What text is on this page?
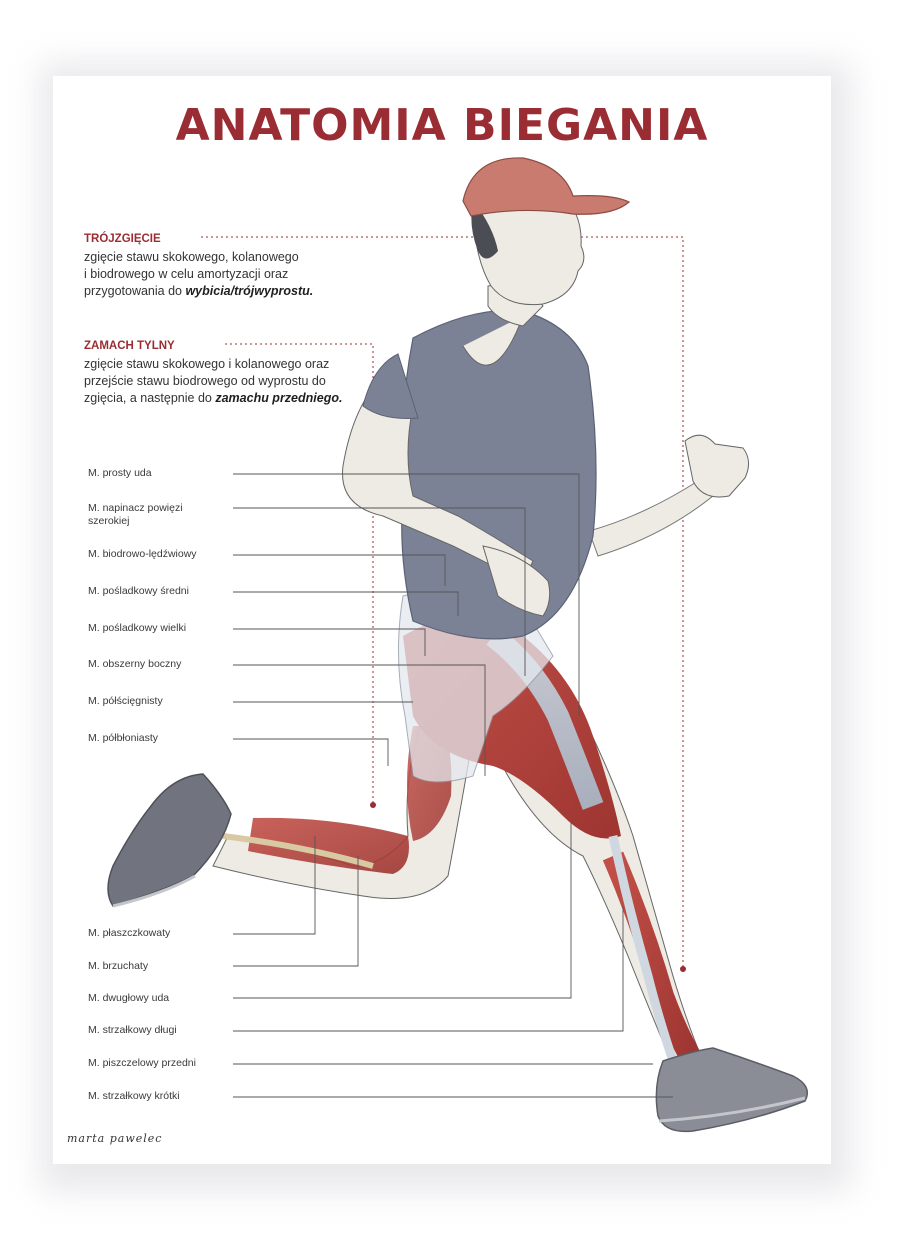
ANATOMIA BIEGANIA
TRÓJZGIĘCIE
zgięcie stawu skokowego, kolanowego
i biodrowego w celu amortyzacji oraz
przygotowania do wybicia/trójwyprostu.
ZAMACH TYLNY
zgięcie stawu skokowego i kolanowego oraz
przejście stawu biodrowego od wyprostu do
zgięcia, a następnie do zamachu przedniego.
M. prosty uda
M. napinacz powięzi szerokiej
M. biodrowo-lędźwiowy
M. pośladkowy średni
M. pośladkowy wielki
M. obszerny boczny
M. półścięgnisty
M. półbłoniasty
M. płaszczkowaty
M. brzuchaty
M. dwugłowy uda
M. strzałkowy długi
M. piszczelowy przedni
M. strzałkowy krótki
marta pawelec
